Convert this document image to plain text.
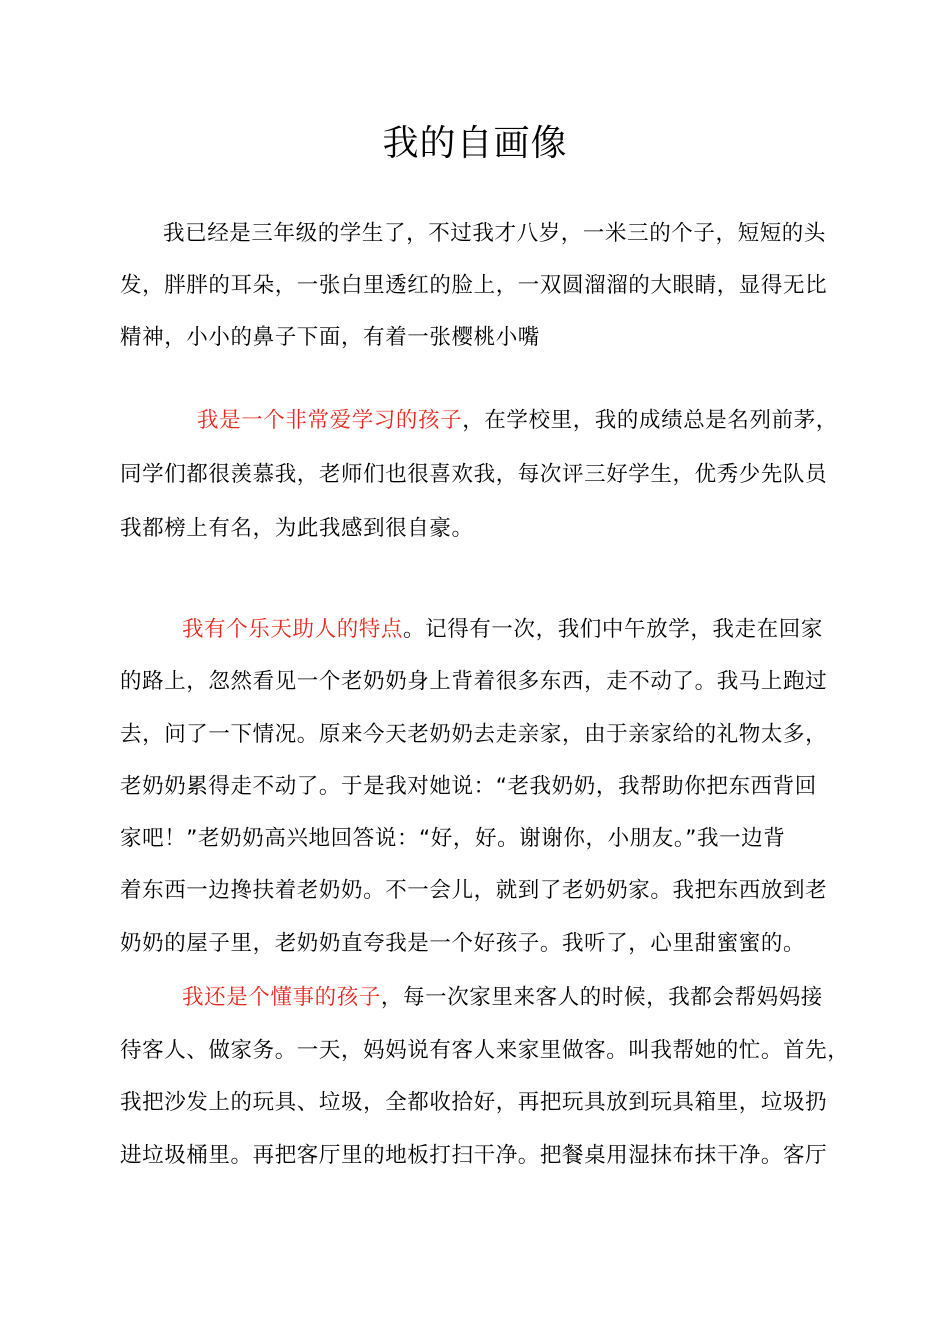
我的自画像
我已经是三年级的学生了，不过我才八岁，一米三的个子，短短的头
发，胖胖的耳朵，一张白里透红的脸上，一双圆溜溜的大眼睛，显得无比
精神，小小的鼻子下面，有着一张樱桃小嘴
我是一个非常爱学习的孩子，在学校里，我的成绩总是名列前茅，
同学们都很羡慕我，老师们也很喜欢我，每次评三好学生，优秀少先队员
我都榜上有名，为此我感到很自豪。
我有个乐天助人的特点。记得有一次，我们中午放学，我走在回家
的路上，忽然看见一个老奶奶身上背着很多东西，走不动了。我马上跑过
去，问了一下情况。原来今天老奶奶去走亲家，由于亲家给的礼物太多，
老奶奶累得走不动了。于是我对她说：“老我奶奶，我帮助你把东西背回
家吧！”老奶奶高兴地回答说：“好，好。谢谢你，小朋友。”我一边背
着东西一边搀扶着老奶奶。不一会儿，就到了老奶奶家。我把东西放到老
奶奶的屋子里，老奶奶直夸我是一个好孩子。我听了，心里甜蜜蜜的。
我还是个懂事的孩子，每一次家里来客人的时候，我都会帮妈妈接
待客人、做家务。一天，妈妈说有客人来家里做客。叫我帮她的忙。首先，
我把沙发上的玩具、垃圾，全都收拾好，再把玩具放到玩具箱里，垃圾扔
进垃圾桶里。再把客厅里的地板打扫干净。把餐桌用湿抹布抹干净。客厅
